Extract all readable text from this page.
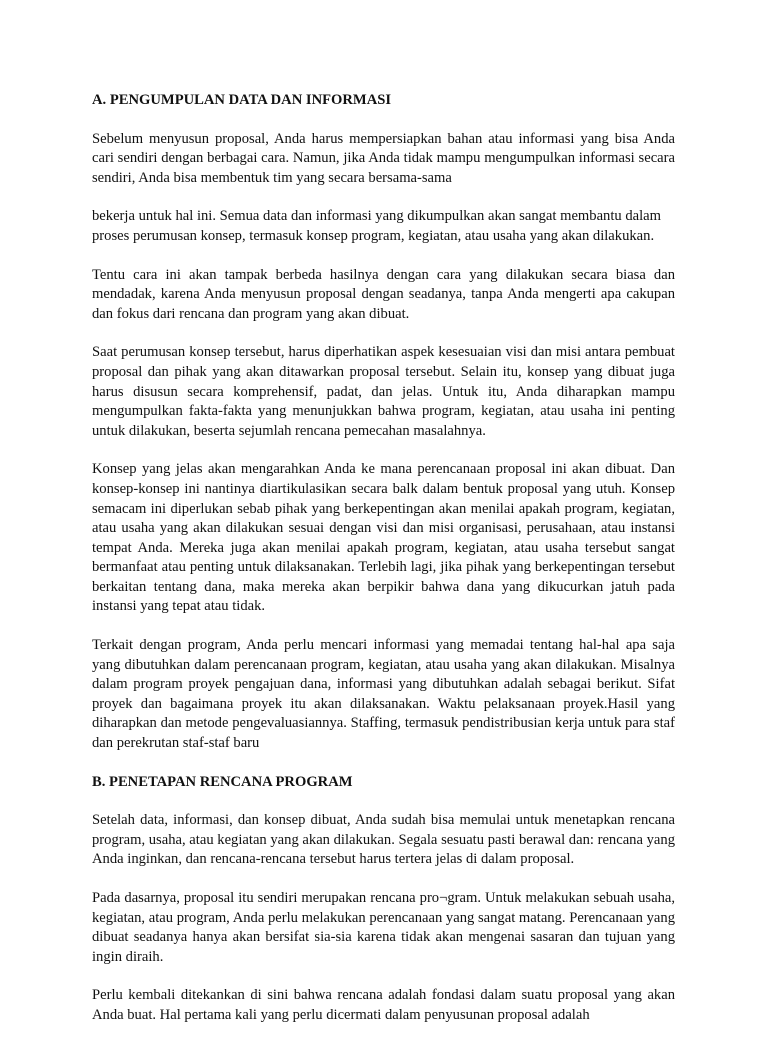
A. PENGUMPULAN DATA DAN INFORMASI

Sebelum menyusun proposal, Anda harus mempersiapkan bahan atau informasi yang bisa Anda cari sendiri dengan berbagai cara. Namun, jika Anda tidak mampu mengumpulkan informasi secara sendiri, Anda bisa membentuk tim yang secara bersama-sama

bekerja untuk hal ini. Semua data dan informasi yang dikumpulkan akan sangat membantu dalam proses perumusan konsep, termasuk konsep program, kegiatan, atau usaha yang akan dilakukan.

Tentu cara ini akan tampak berbeda hasilnya dengan cara yang dilakukan secara biasa dan mendadak, karena Anda menyusun proposal dengan seadanya, tanpa Anda mengerti apa cakupan dan fokus dari rencana dan program yang akan dibuat.

Saat perumusan konsep tersebut, harus diperhatikan aspek kesesuaian visi dan misi antara pembuat proposal dan pihak yang akan ditawarkan proposal tersebut. Selain itu, konsep yang dibuat juga harus disusun secara komprehensif, padat, dan jelas. Untuk itu, Anda diharapkan mampu mengumpulkan fakta-fakta yang menunjukkan bahwa program, kegiatan, atau usaha ini penting untuk dilakukan, beserta sejumlah rencana pemecahan masalahnya.

Konsep yang jelas akan mengarahkan Anda ke mana perencanaan proposal ini akan dibuat. Dan konsep-konsep ini nantinya diartikulasikan secara balk dalam bentuk proposal yang utuh. Konsep semacam ini diperlukan sebab pihak yang berkepentingan akan menilai apakah program, kegiatan, atau usaha yang akan dilakukan sesuai dengan visi dan misi organisasi, perusahaan, atau instansi tempat Anda. Mereka juga akan menilai apakah program, kegiatan, atau usaha tersebut sangat bermanfaat atau penting untuk dilaksanakan. Terlebih lagi, jika pihak yang berkepentingan tersebut berkaitan tentang dana, maka mereka akan berpikir bahwa dana yang dikucurkan jatuh pada instansi yang tepat atau tidak.

Terkait dengan program, Anda perlu mencari informasi yang memadai tentang hal-hal apa saja yang dibutuhkan dalam perencanaan program, kegiatan, atau usaha yang akan dilakukan. Misalnya dalam program proyek pengajuan dana, informasi yang dibutuhkan adalah sebagai berikut. Sifat proyek dan bagaimana proyek itu akan dilaksanakan. Waktu pelaksanaan proyek.Hasil yang diharapkan dan metode pengevaluasiannya. Staffing, termasuk pendistribusian kerja untuk para staf dan perekrutan staf-staf baru

B. PENETAPAN RENCANA PROGRAM

Setelah data, informasi, dan konsep dibuat, Anda sudah bisa memulai untuk menetapkan rencana program, usaha, atau kegiatan yang akan dilakukan. Segala sesuatu pasti berawal dan: rencana yang Anda inginkan, dan rencana-rencana tersebut harus tertera jelas di dalam proposal.

Pada dasarnya, proposal itu sendiri merupakan rencana pro¬gram. Untuk melakukan sebuah usaha, kegiatan, atau program, Anda perlu melakukan perencanaan yang sangat matang. Perencanaan yang dibuat seadanya hanya akan bersifat sia-sia karena tidak akan mengenai sasaran dan tujuan yang ingin diraih.

Perlu kembali ditekankan di sini bahwa rencana adalah fondasi dalam suatu proposal yang akan Anda buat. Hal pertama kali yang perlu dicermati dalam penyusunan proposal adalah
